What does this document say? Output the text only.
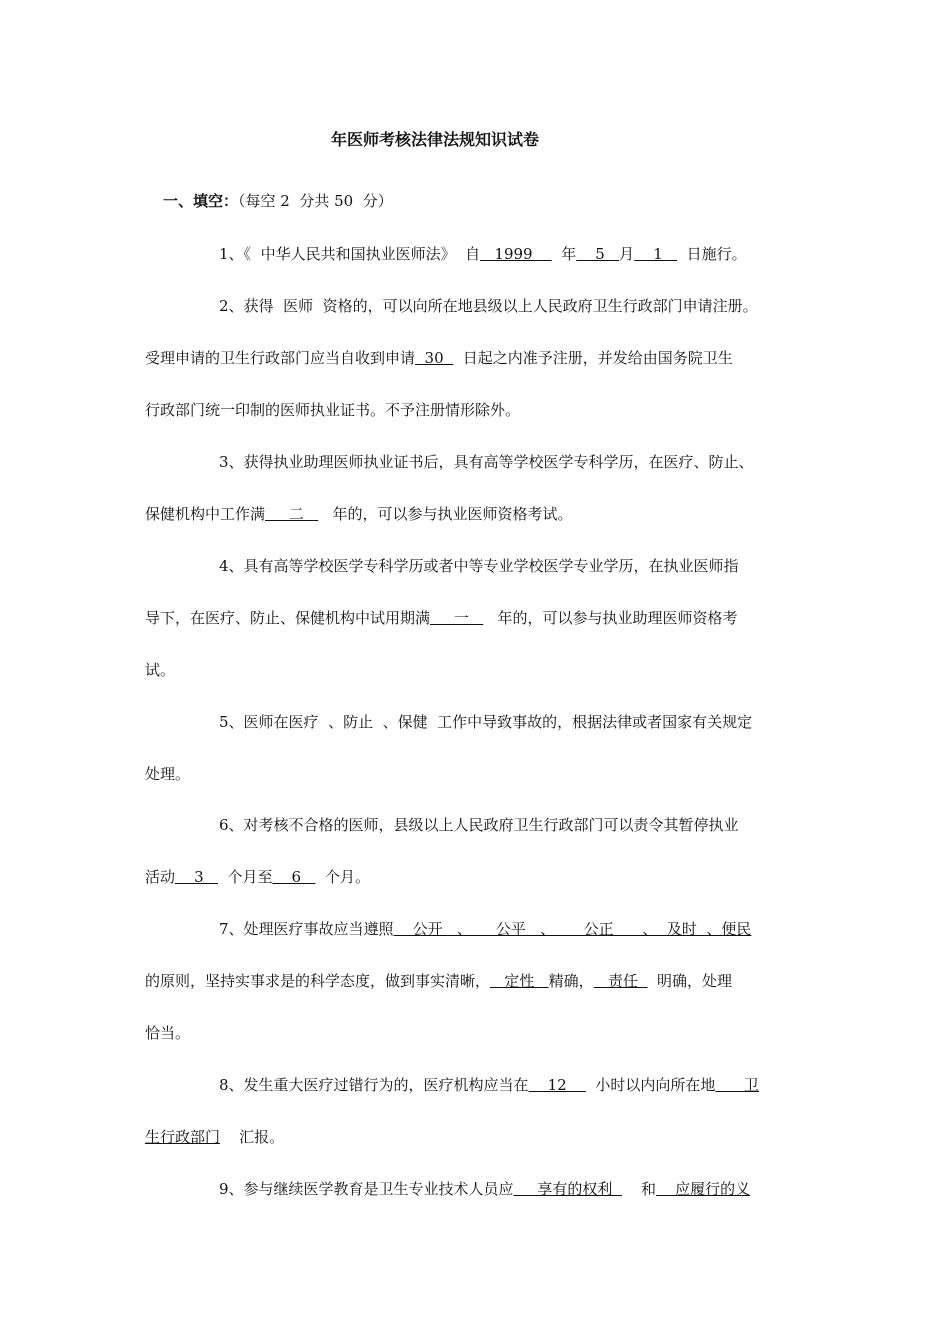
年医师考核法律法规知识试卷
一、填空：（每空 2  分共 50  分）
1、《  中华人民共和国执业医师法》  自   1999      年    5   月    1     日施行。
2、获得  医师  资格的，可以向所在地县级以上人民政府卫生行政部门申请注册。
受理申请的卫生行政部门应当自收到申请  30    日起之内准予注册，并发给由国务院卫生
行政部门统一印制的医师执业证书。不予注册情形除外。
3、获得执业助理医师执业证书后，具有高等学校医学专科学历，在医疗、防止、
保健机构中工作满     二      年的，可以参与执业医师资格考试。
4、具有高等学校医学专科学历或者中等专业学校医学专业学历，在执业医师指
导下，在医疗、防止、保健机构中试用期满     一      年的，可以参与执业助理医师资格考
试。
5、医师在医疗  、防止  、保健  工作中导致事故的，根据法律或者国家有关规定
处理。
6、对考核不合格的医师，县级以上人民政府卫生行政部门可以责令其暂停执业
活动    3     个月至    6     个月。
7、处理医疗事故应当遵照    公开   、     公平   、      公正      、  及时  、便民
的原则，坚持实事求是的科学态度，做到事实清晰，   定性   精确，   责任    明确，处理
恰当。
8、发生重大医疗过错行为的，医疗机构应当在    12      小时以内向所在地      卫
生行政部门    汇报。
9、参与继续医学教育是卫生专业技术人员应     享有的权利      和    应履行的义
